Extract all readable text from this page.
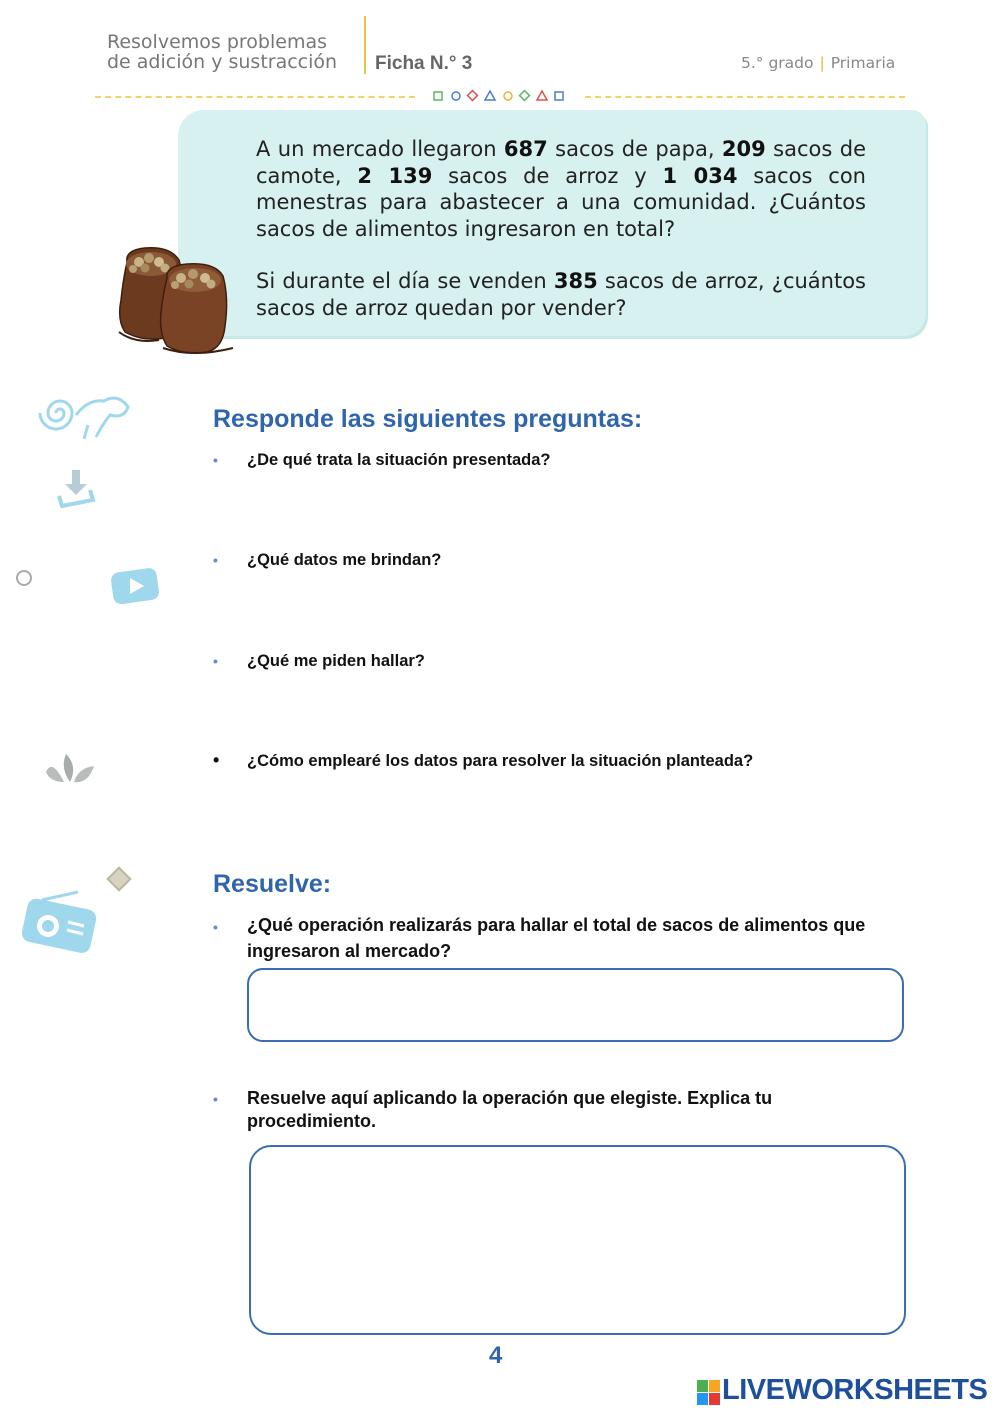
Resolvemos problemas
de adición y sustracción Ficha N.° 3	5.° grado | Primaria

A un mercado llegaron 687 sacos de papa, 209 sacos de camote, 2 139 sacos de arroz y 1 034 sacos con menestras para abastecer a una comunidad. ¿Cuántos sacos de alimentos ingresaron en total?

Si durante el día se venden 385 sacos de arroz, ¿cuántos sacos de arroz quedan por vender?

Responde las siguientes preguntas:
• ¿De qué trata la situación presentada?
• ¿Qué datos me brindan?
• ¿Qué me piden hallar?
• ¿Cómo emplearé los datos para resolver la situación planteada?
Resuelve:
• ¿Qué operación realizarás para hallar el total de sacos de alimentos que ingresaron al mercado?
• Resuelve aquí aplicando la operación que elegiste. Explica tu procedimiento.
4
LIVEWORKSHEETS
